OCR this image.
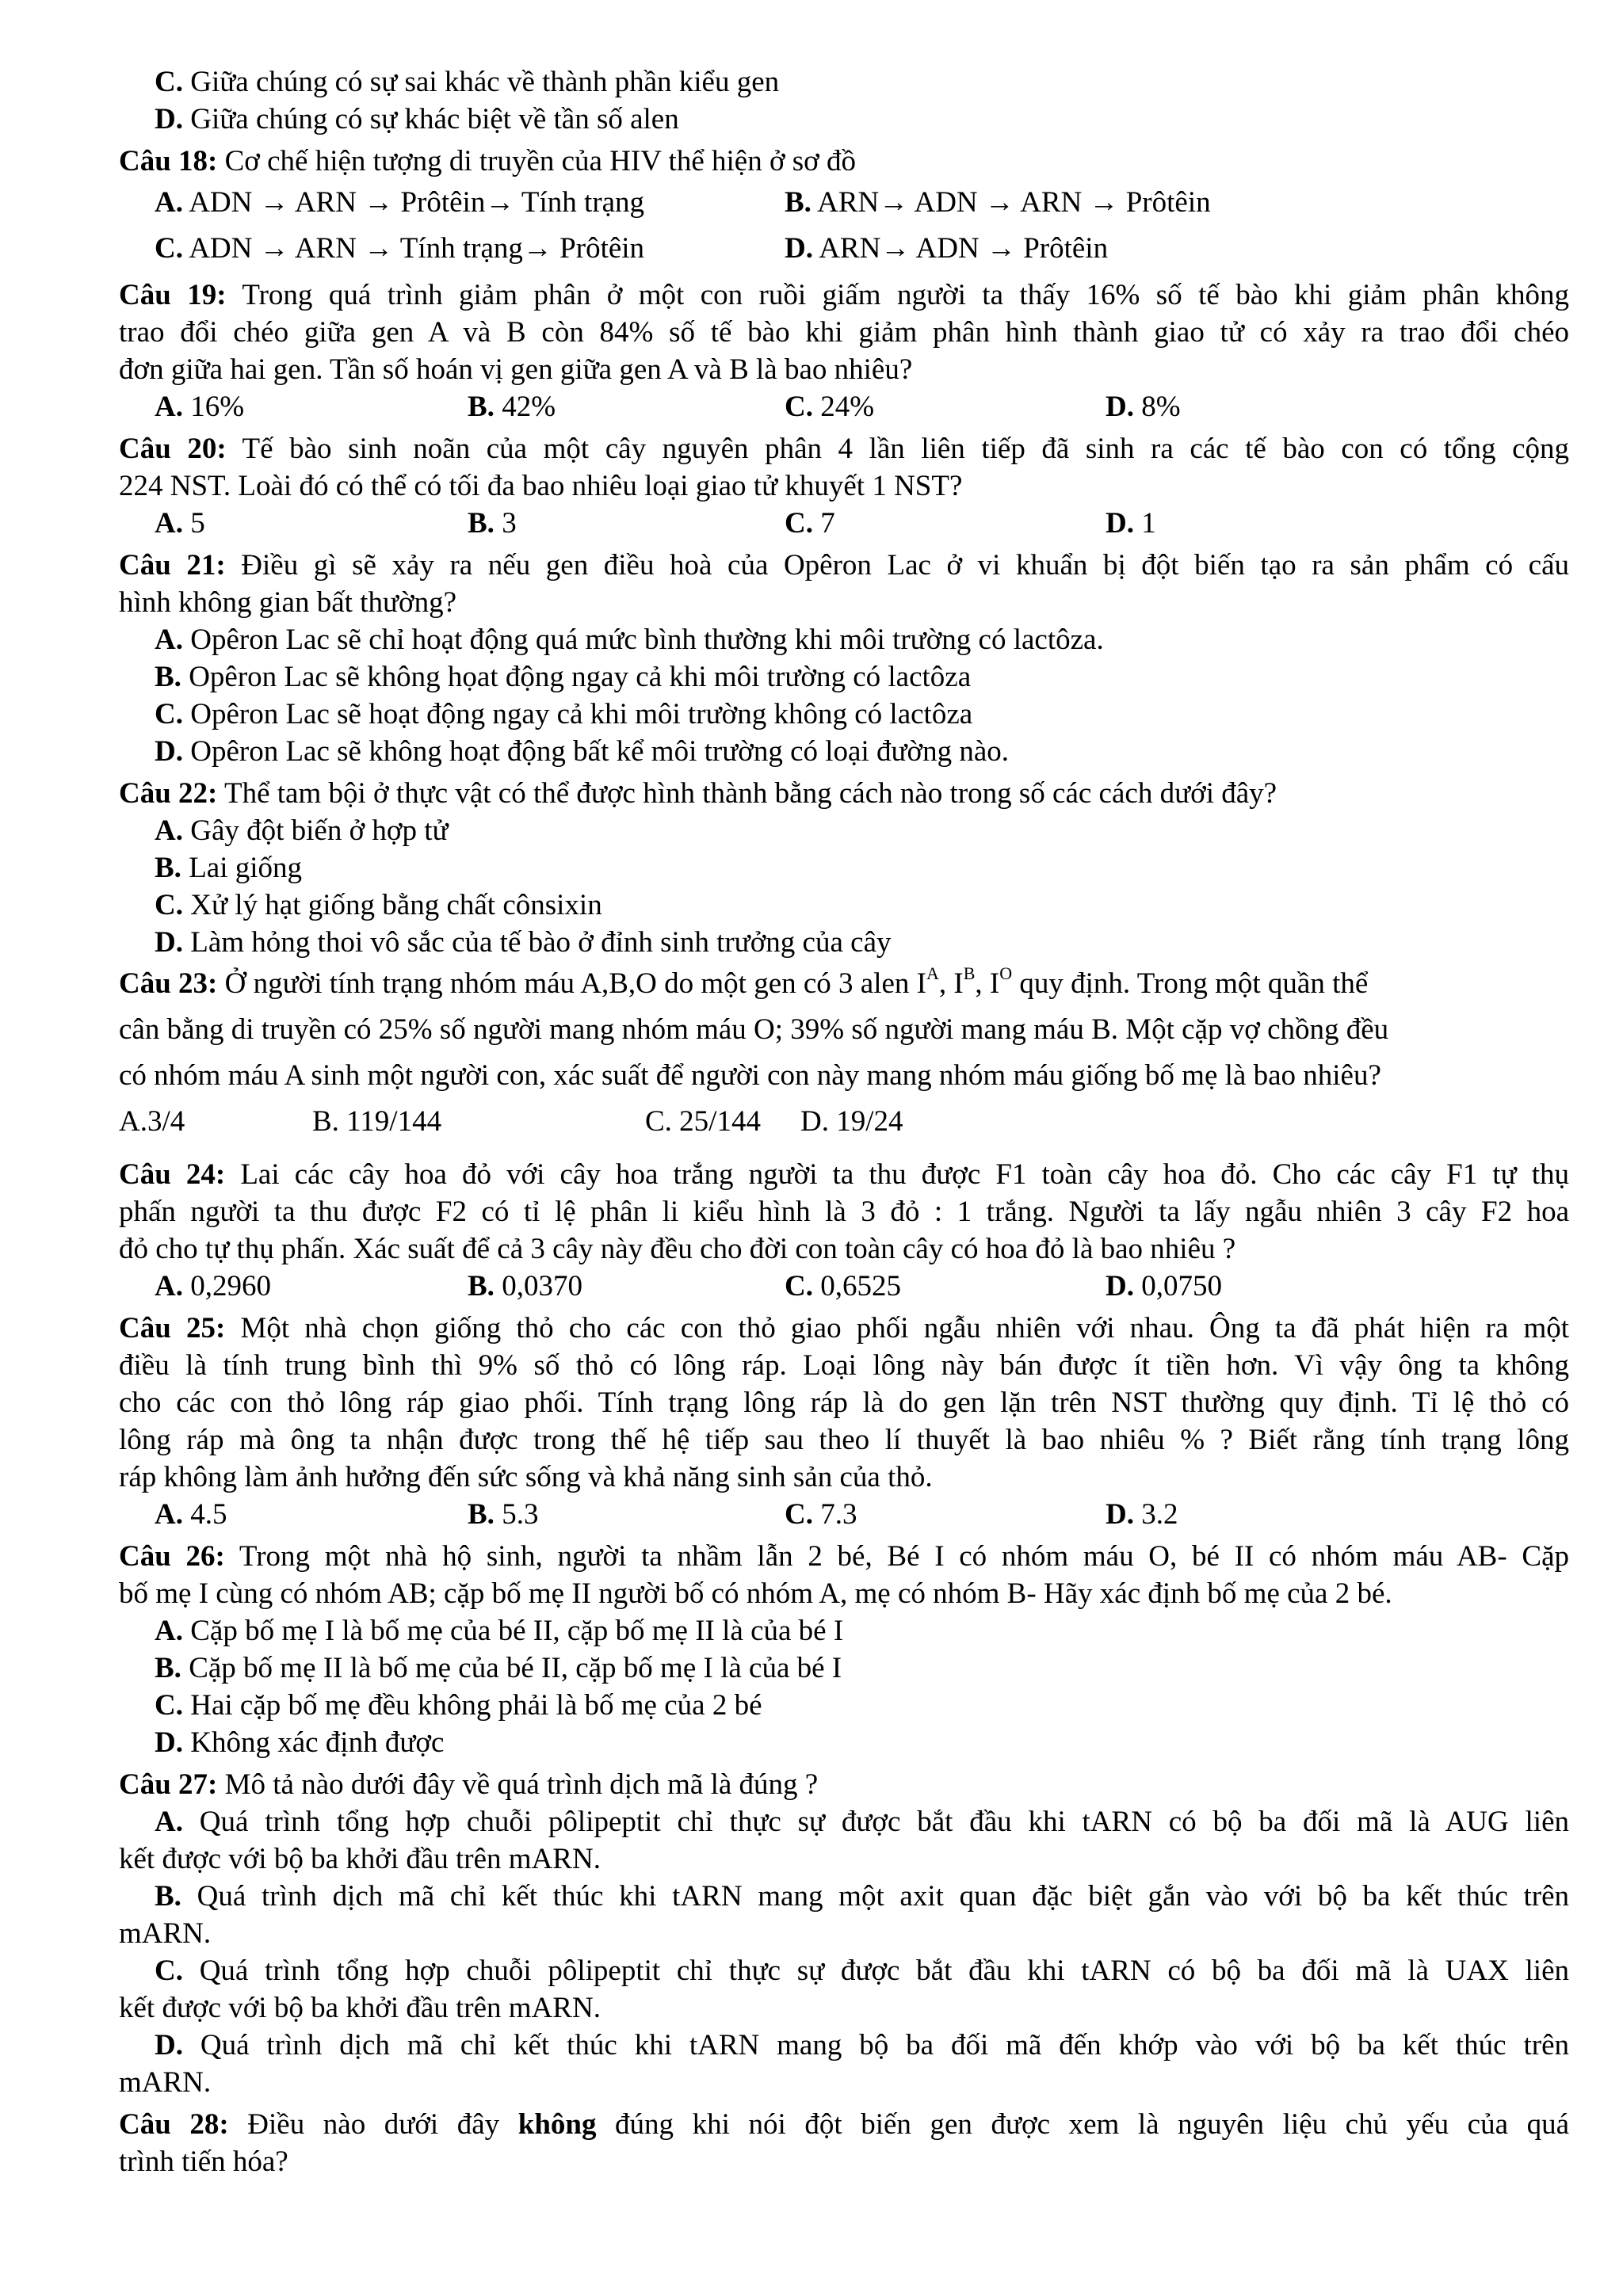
C. Giữa chúng có sự sai khác về thành phần kiểu gen
D. Giữa chúng có sự khác biệt về tần số alen
Câu 18: Cơ chế hiện tượng di truyền của HIV thể hiện ở sơ đồ
A. ADN → ARN → Prôtêin→ Tính trạng	B. ARN→ ADN → ARN → Prôtêin
C. ADN → ARN → Tính trạng→ Prôtêin	D. ARN→ ADN → Prôtêin
Câu 19: Trong quá trình giảm phân ở một con ruồi giấm người ta thấy 16% số tế bào khi giảm phân không
trao đổi chéo giữa gen A và B còn 84% số tế bào khi giảm phân hình thành giao tử có xảy ra trao đổi chéo
đơn giữa hai gen. Tần số hoán vị gen giữa gen A và B là bao nhiêu?
A. 16%	B. 42%	C. 24%	D. 8%
Câu 20: Tế bào sinh noãn của một cây nguyên phân 4 lần liên tiếp đã sinh ra các tế bào con có tổng cộng
224 NST. Loài đó có thể có tối đa bao nhiêu loại giao tử khuyết 1 NST?
A. 5	B. 3	C. 7	D. 1
Câu 21: Điều gì sẽ xảy ra nếu gen điều hoà của Opêron Lac ở vi khuẩn bị đột biến tạo ra sản phẩm có cấu
hình không gian bất thường?
A. Opêron Lac sẽ chỉ hoạt động quá mức bình thường khi môi trường có lactôza.
B. Opêron Lac sẽ không họat động ngay cả khi môi trường có lactôza
C. Opêron Lac sẽ hoạt động ngay cả khi môi trường không có lactôza
D. Opêron Lac sẽ không hoạt động bất kể môi trường có loại đường nào.
Câu 22: Thể tam bội ở thực vật có thể được hình thành bằng cách nào trong số các cách dưới đây?
A. Gây đột biến ở hợp tử
B. Lai giống
C. Xử lý hạt giống bằng chất cônsixin
D. Làm hỏng thoi vô sắc của tế bào ở đỉnh sinh trưởng của cây
Câu 23: Ở người tính trạng nhóm máu A,B,O do một gen có 3 alen $I^A$, $I^B$, $I^O$ quy định. Trong một quần thể
cân bằng di truyền có 25% số người mang nhóm máu O; 39% số người mang máu B. Một cặp vợ chồng đều
có nhóm máu A sinh một người con, xác suất để người con này mang nhóm máu giống bố mẹ là bao nhiêu?
A.3/4	B. 119/144	C. 25/144	D. 19/24
Câu 24: Lai các cây hoa đỏ với cây hoa trắng người ta thu được F1 toàn cây hoa đỏ. Cho các cây F1 tự thụ
phấn người ta thu được F2 có tỉ lệ phân li kiểu hình là 3 đỏ : 1 trắng. Người ta lấy ngẫu nhiên 3 cây F2 hoa
đỏ cho tự thụ phấn. Xác suất để cả 3 cây này đều cho đời con toàn cây có hoa đỏ là bao nhiêu ?
A. 0,2960	B. 0,0370	C. 0,6525	D. 0,0750
Câu 25: Một nhà chọn giống thỏ cho các con thỏ giao phối ngẫu nhiên với nhau. Ông ta đã phát hiện ra một
điều là tính trung bình thì 9% số thỏ có lông ráp. Loại lông này bán được ít tiền hơn. Vì vậy ông ta không
cho các con thỏ lông ráp giao phối. Tính trạng lông ráp là do gen lặn trên NST thường quy định. Tỉ lệ thỏ có
lông ráp mà ông ta nhận được trong thế hệ tiếp sau theo lí thuyết là bao nhiêu % ? Biết rằng tính trạng lông
ráp không làm ảnh hưởng đến sức sống và khả năng sinh sản của thỏ.
A. 4.5	B. 5.3	C. 7.3	D. 3.2
Câu 26: Trong một nhà hộ sinh, người ta nhầm lẫn 2 bé, Bé I có nhóm máu O, bé II có nhóm máu AB- Cặp
bố mẹ I cùng có nhóm AB; cặp bố mẹ II người bố có nhóm A, mẹ có nhóm B- Hãy xác định bố mẹ của 2 bé.
A. Cặp bố mẹ I là bố mẹ của bé II, cặp bố mẹ II là của bé I
B. Cặp bố mẹ II là bố mẹ của bé II, cặp bố mẹ I là của bé I
C. Hai cặp bố mẹ đều không phải là bố mẹ của 2 bé
D. Không xác định được
Câu 27: Mô tả nào dưới đây về quá trình dịch mã là đúng ?
A. Quá trình tổng hợp chuỗi pôlipeptit chỉ thực sự được bắt đầu khi tARN có bộ ba đối mã là AUG liên
kết được với bộ ba khởi đầu trên mARN.
B. Quá trình dịch mã chỉ kết thúc khi tARN mang một axit quan đặc biệt gắn vào với bộ ba kết thúc trên
mARN.
C. Quá trình tổng hợp chuỗi pôlipeptit chỉ thực sự được bắt đầu khi tARN có bộ ba đối mã là UAX liên
kết được với bộ ba khởi đầu trên mARN.
D. Quá trình dịch mã chỉ kết thúc khi tARN mang bộ ba đối mã đến khớp vào với bộ ba kết thúc trên
mARN.
Câu 28: Điều nào dưới đây không đúng khi nói đột biến gen được xem là nguyên liệu chủ yếu của quá
trình tiến hóa?
